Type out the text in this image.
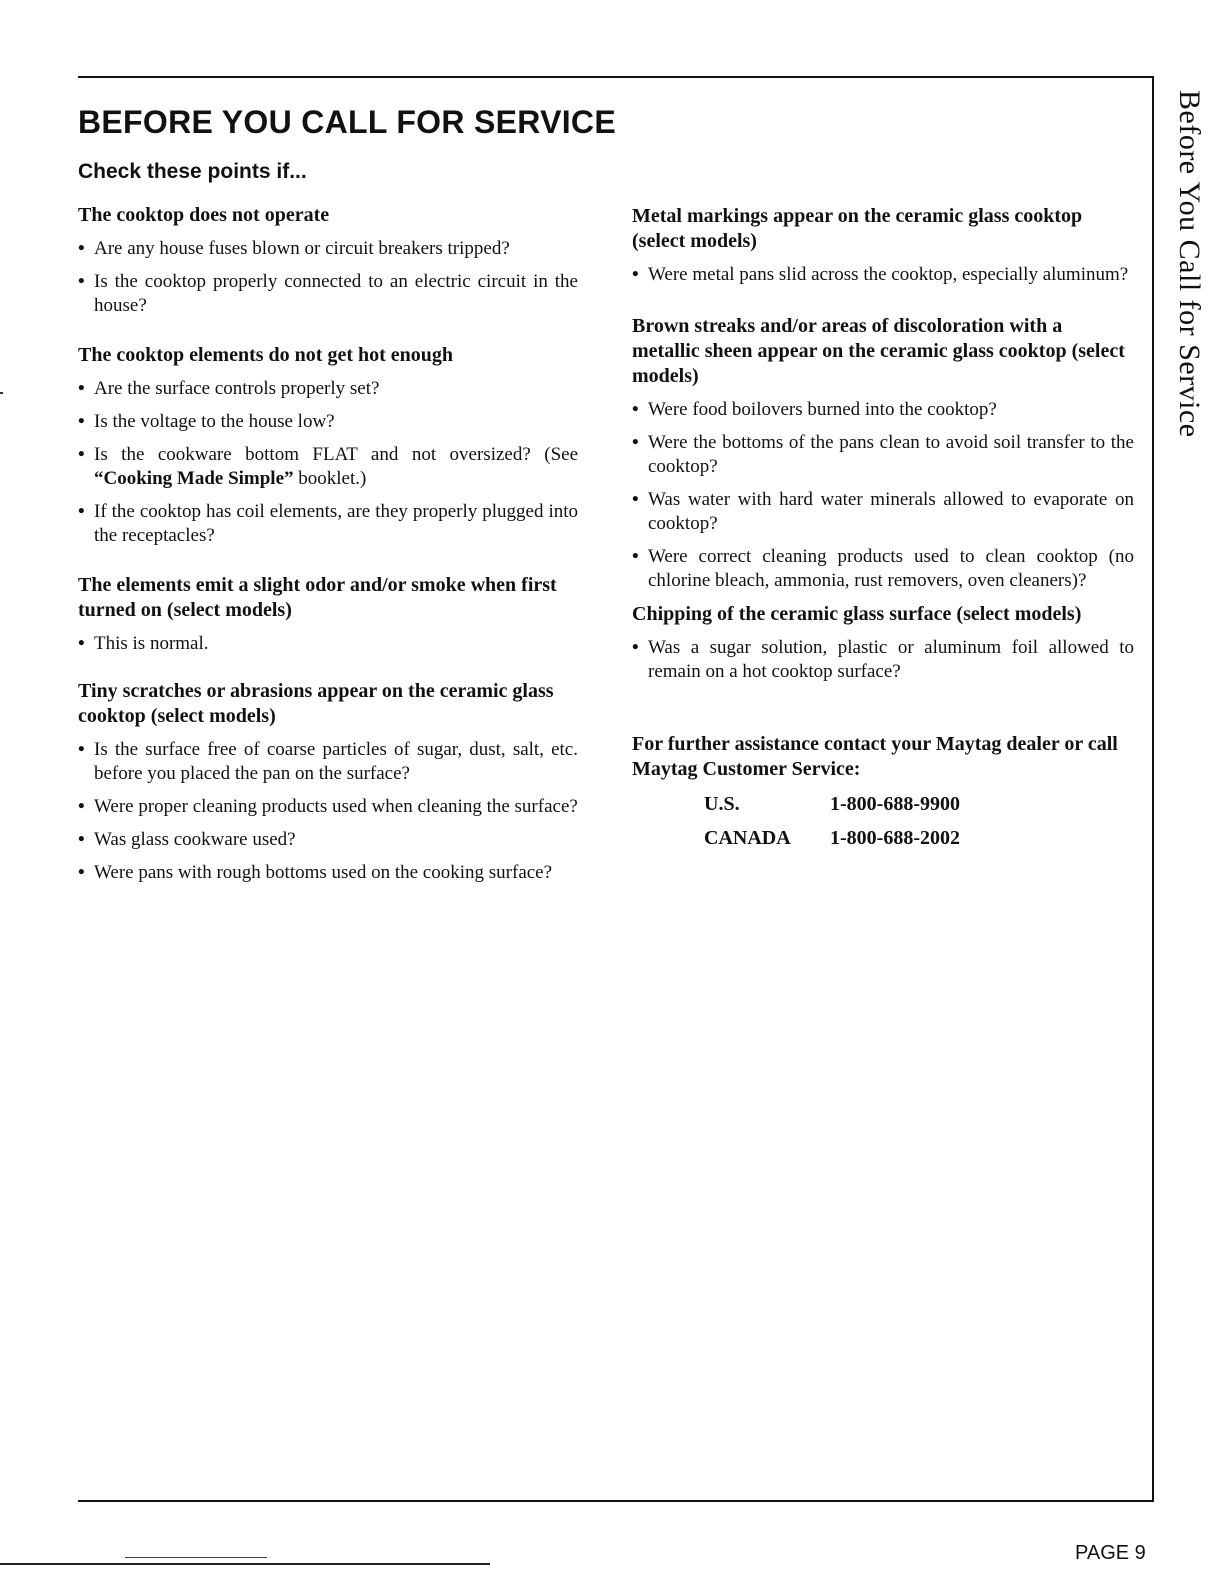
BEFORE YOU CALL FOR SERVICE
Check these points if...	Before You Call for Service

The cooktop does not operate

• Are any house fuses blown or circuit breakers tripped?
• Is the cooktop properly connected to an electric circuit in the house?

The cooktop elements do not get hot enough

• Are the surface controls properly set?
• Is the voltage to the house low?
• Is the cookware bottom FLAT and not oversized? (See “Cooking Made Simple” booklet.)
• If the cooktop has coil elements, are they properly plugged into the receptacles?

The elements emit a slight odor and/or smoke when first turned on (select models)

• This is normal.

Tiny scratches or abrasions appear on the ceramic glass cooktop (select models)

• Is the surface free of coarse particles of sugar, dust, salt, etc. before you placed the pan on the surface?
• Were proper cleaning products used when cleaning the surface?
• Was glass cookware used?
• Were pans with rough bottoms used on the cooking surface?

Metal markings appear on the ceramic glass cooktop (select models)

• Were metal pans slid across the cooktop, especially aluminum?

Brown streaks and/or areas of discoloration with a metallic sheen appear on the ceramic glass cooktop (select models)

• Were food boilovers burned into the cooktop?
• Were the bottoms of the pans clean to avoid soil transfer to the cooktop?
• Was water with hard water minerals allowed to evaporate on cooktop?
• Were correct cleaning products used to clean cooktop (no chlorine bleach, ammonia, rust removers, oven cleaners)?

Chipping of the ceramic glass surface (select models)

• Was a sugar solution, plastic or aluminum foil allowed to remain on a hot cooktop surface?

For further assistance contact your Maytag dealer or call Maytag Customer Service:

U.S.	1-800-688-9900
CANADA	1-800-688-2002
PAGE 9
